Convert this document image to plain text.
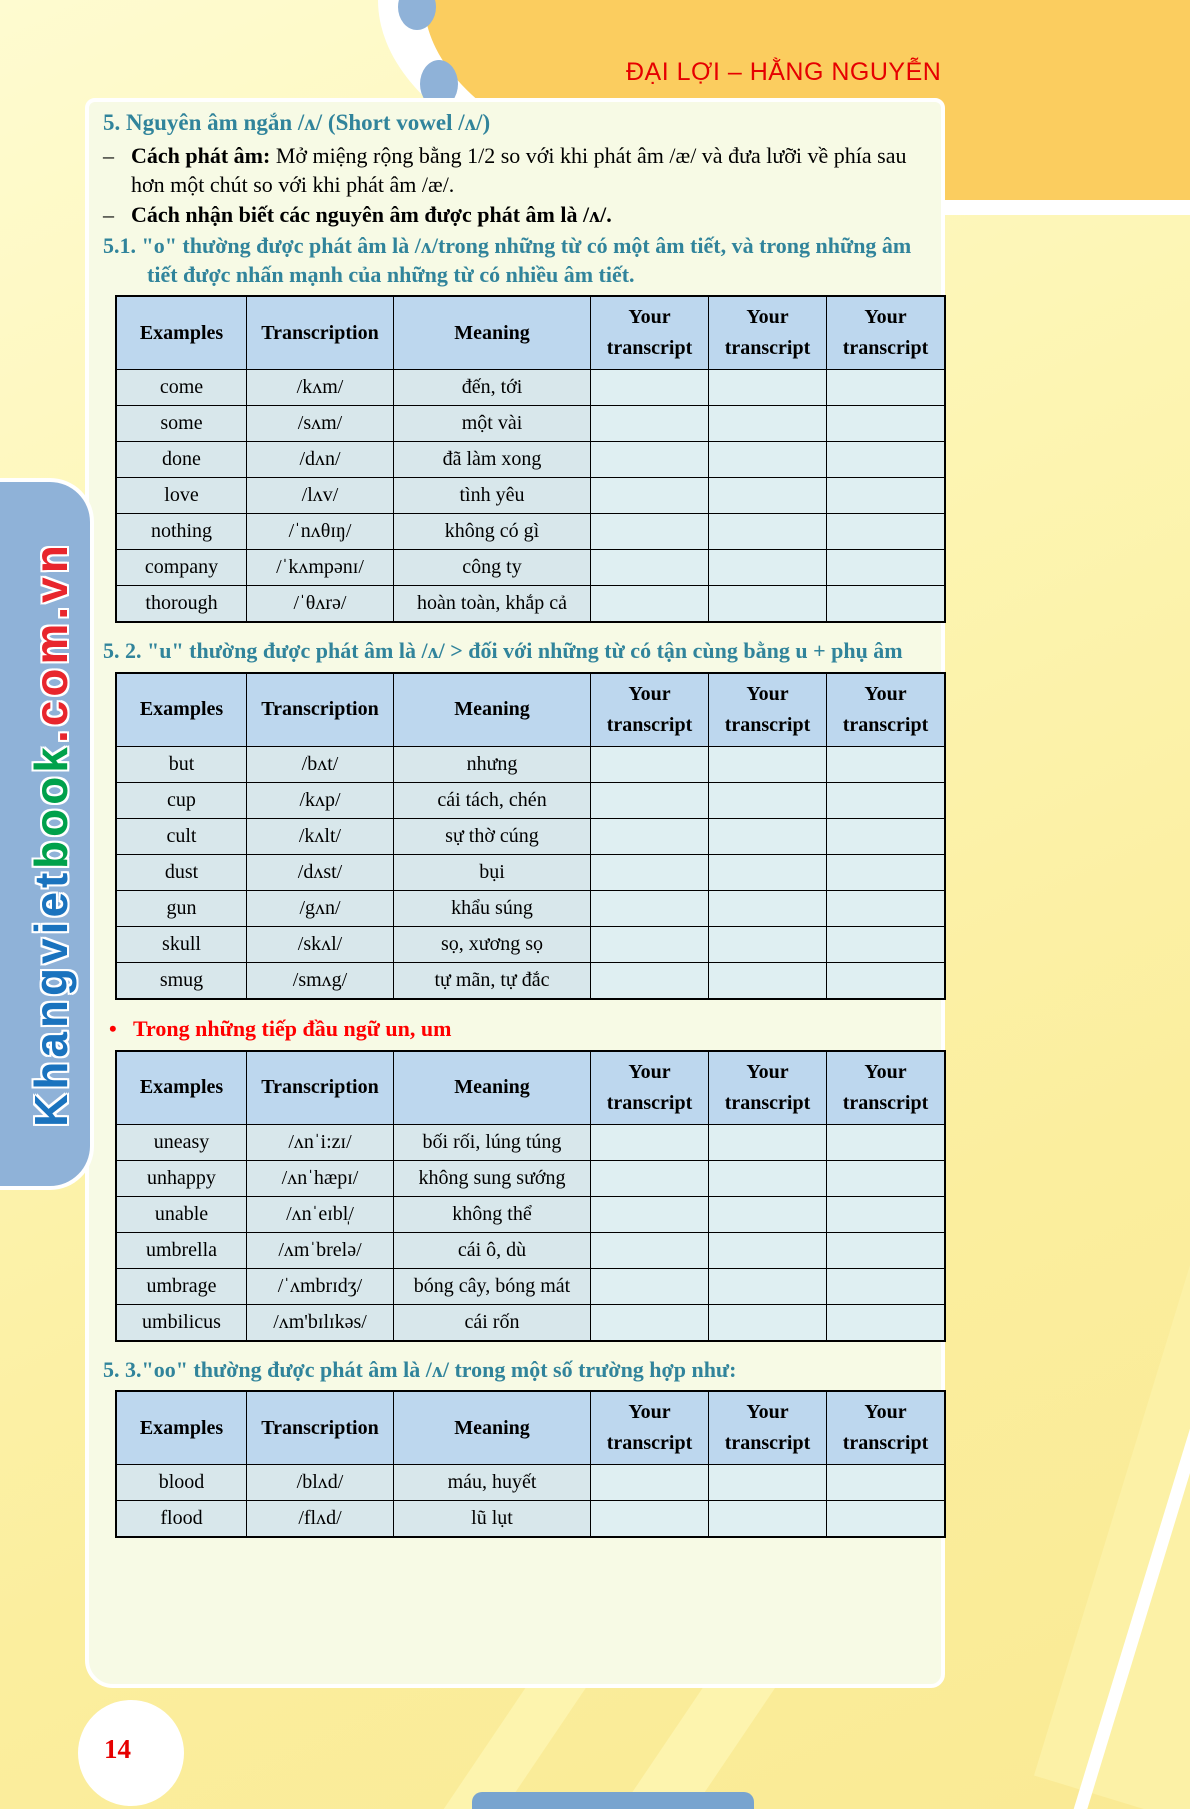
ĐẠI LỢI – HẰNG NGUYỄN
5. Nguyên âm ngắn /ʌ/ (Short vowel /ʌ/)
– Cách phát âm: Mở miệng rộng bằng 1/2 so với khi phát âm /æ/ và đưa lưỡi về phía sau hơn một chút so với khi phát âm /æ/.
– Cách nhận biết các nguyên âm được phát âm là /ʌ/.
5.1. "o" thường được phát âm là /ʌ/trong những từ có một âm tiết, và trong những âm tiết được nhấn mạnh của những từ có nhiều âm tiết.
Examples	Transcription	Meaning	Your transcript	Your transcript	Your transcript
come	/kʌm/	đến, tới			
some	/sʌm/	một vài			
done	/dʌn/	đã làm xong			
love	/lʌv/	tình yêu			
nothing	/ˈnʌθɪŋ/	không có gì			
company	/ˈkʌmpənɪ/	công ty			
thorough	/ˈθʌrə/	hoàn toàn, khắp cả			
5. 2. "u" thường được phát âm là /ʌ/ > đối với những từ có tận cùng bằng u + phụ âm
Examples	Transcription	Meaning	Your transcript	Your transcript	Your transcript
but	/bʌt/	nhưng			
cup	/kʌp/	cái tách, chén			
cult	/kʌlt/	sự thờ cúng			
dust	/dʌst/	bụi			
gun	/gʌn/	khẩu súng			
skull	/skʌl/	sọ, xương sọ			
smug	/smʌg/	tự mãn, tự đắc			
• Trong những tiếp đầu ngữ un, um
Examples	Transcription	Meaning	Your transcript	Your transcript	Your transcript
uneasy	/ʌnˈi:zɪ/	bối rối, lúng túng			
unhappy	/ʌnˈhæpɪ/	không sung sướng			
unable	/ʌnˈeɪbl̩/	không thể			
umbrella	/ʌmˈbrelə/	cái ô, dù			
umbrage	/ˈʌmbrɪdʒ/	bóng cây, bóng mát			
umbilicus	/ʌm'bɪlɪkəs/	cái rốn			
5. 3."oo" thường được phát âm là /ʌ/ trong một số trường hợp như:
Examples	Transcription	Meaning	Your transcript	Your transcript	Your transcript
blood	/blʌd/	máu, huyết			
flood	/flʌd/	lũ lụt			
Khangviet
book
.com.vn
14
